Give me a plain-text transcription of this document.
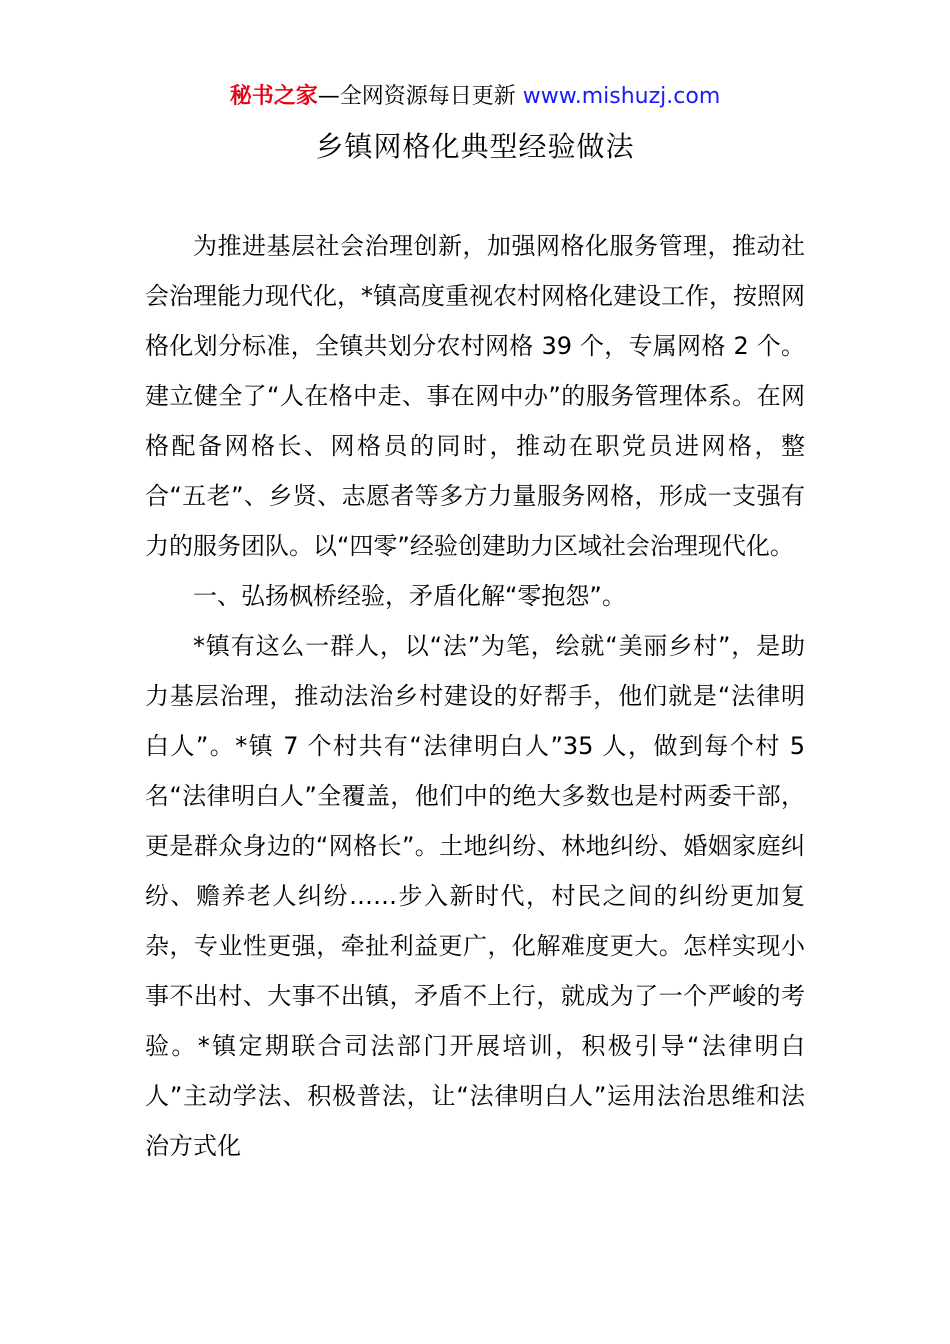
秘书之家—全网资源每日更新 www.mishuzj.com
乡镇网格化典型经验做法

为推进基层社会治理创新，加强网格化服务管理，推动社会治理能力现代化，*镇高度重视农村网格化建设工作，按照网格化划分标准，全镇共划分农村网格 39 个，专属网格 2 个。建立健全了“人在格中走、事在网中办”的服务管理体系。在网格配备网格长、网格员的同时，推动在职党员进网格，整合“五老”、乡贤、志愿者等多方力量服务网格，形成一支强有力的服务团队。以“四零”经验创建助力区域社会治理现代化。

一、弘扬枫桥经验，矛盾化解“零抱怨”。

*镇有这么一群人，以“法”为笔，绘就“美丽乡村”，是助力基层治理，推动法治乡村建设的好帮手，他们就是“法律明白人”。*镇 7 个村共有“法律明白人”35 人，做到每个村 5 名“法律明白人”全覆盖，他们中的绝大多数也是村两委干部，更是群众身边的“网格长”。土地纠纷、林地纠纷、婚姻家庭纠纷、赡养老人纠纷……步入新时代，村民之间的纠纷更加复杂，专业性更强，牵扯利益更广，化解难度更大。怎样实现小事不出村、大事不出镇，矛盾不上行，就成为了一个严峻的考验。*镇定期联合司法部门开展培训，积极引导“法律明白人”主动学法、积极普法，让“法律明白人”运用法治思维和法治方式化
